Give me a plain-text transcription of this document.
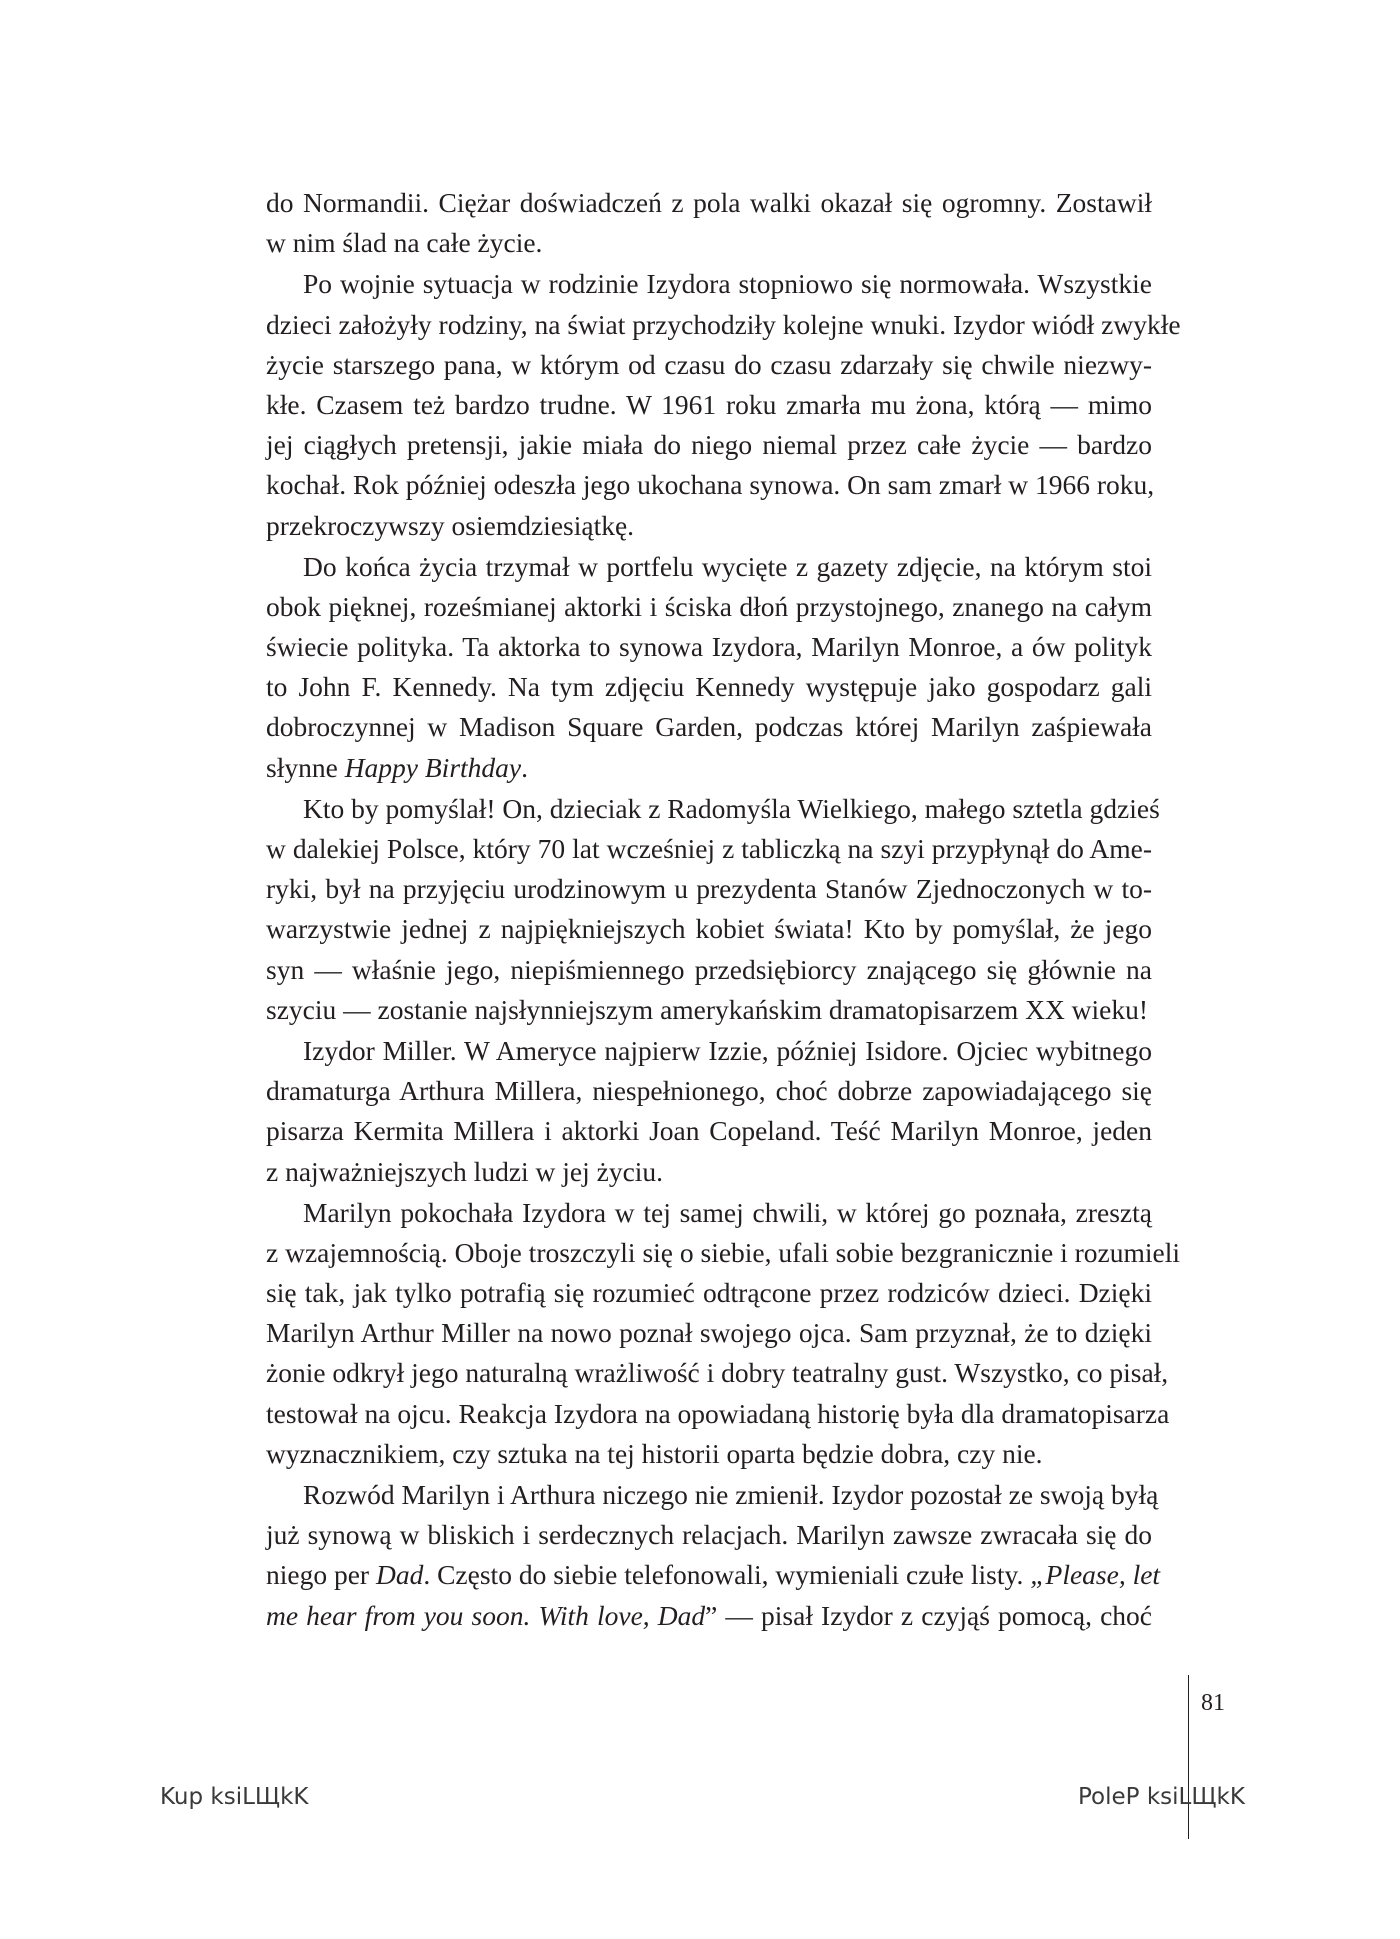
do Normandii. Ciężar doświadczeń z pola walki okazał się ogromny. Zostawił
w nim ślad na całe życie.
Po wojnie sytuacja w rodzinie Izydora stopniowo się normowała. Wszystkie
dzieci założyły rodziny, na świat przychodziły kolejne wnuki. Izydor wiódł zwykłe
życie starszego pana, w którym od czasu do czasu zdarzały się chwile niezwy-
kłe. Czasem też bardzo trudne. W 1961 roku zmarła mu żona, którą — mimo
jej ciągłych pretensji, jakie miała do niego niemal przez całe życie — bardzo
kochał. Rok później odeszła jego ukochana synowa. On sam zmarł w 1966 roku,
przekroczywszy osiemdziesiątkę.
Do końca życia trzymał w portfelu wycięte z gazety zdjęcie, na którym stoi
obok pięknej, roześmianej aktorki i ściska dłoń przystojnego, znanego na całym
świecie polityka. Ta aktorka to synowa Izydora, Marilyn Monroe, a ów polityk
to John F. Kennedy. Na tym zdjęciu Kennedy występuje jako gospodarz gali
dobroczynnej w Madison Square Garden, podczas której Marilyn zaśpiewała
słynne Happy Birthday.
Kto by pomyślał! On, dzieciak z Radomyśla Wielkiego, małego sztetla gdzieś
w dalekiej Polsce, który 70 lat wcześniej z tabliczką na szyi przypłynął do Ame-
ryki, był na przyjęciu urodzinowym u prezydenta Stanów Zjednoczonych w to-
warzystwie jednej z najpiękniejszych kobiet świata! Kto by pomyślał, że jego
syn — właśnie jego, niepiśmiennego przedsiębiorcy znającego się głównie na
szyciu — zostanie najsłynniejszym amerykańskim dramatopisarzem XX wieku!
Izydor Miller. W Ameryce najpierw Izzie, później Isidore. Ojciec wybitnego
dramaturga Arthura Millera, niespełnionego, choć dobrze zapowiadającego się
pisarza Kermita Millera i aktorki Joan Copeland. Teść Marilyn Monroe, jeden
z najważniejszych ludzi w jej życiu.
Marilyn pokochała Izydora w tej samej chwili, w której go poznała, zresztą
z wzajemnością. Oboje troszczyli się o siebie, ufali sobie bezgranicznie i rozumieli
się tak, jak tylko potrafią się rozumieć odtrącone przez rodziców dzieci. Dzięki
Marilyn Arthur Miller na nowo poznał swojego ojca. Sam przyznał, że to dzięki
żonie odkrył jego naturalną wrażliwość i dobry teatralny gust. Wszystko, co pisał,
testował na ojcu. Reakcja Izydora na opowiadaną historię była dla dramatopisarza
wyznacznikiem, czy sztuka na tej historii oparta będzie dobra, czy nie.
Rozwód Marilyn i Arthura niczego nie zmienił. Izydor pozostał ze swoją byłą
już synową w bliskich i serdecznych relacjach. Marilyn zawsze zwracała się do
niego per Dad. Często do siebie telefonowali, wymieniali czułe listy. „Please, let
me hear from you soon. With love, Dad” — pisał Izydor z czyjąś pomocą, choć
81
Kup ksiLЩkK	PoleP ksiLЩkK
